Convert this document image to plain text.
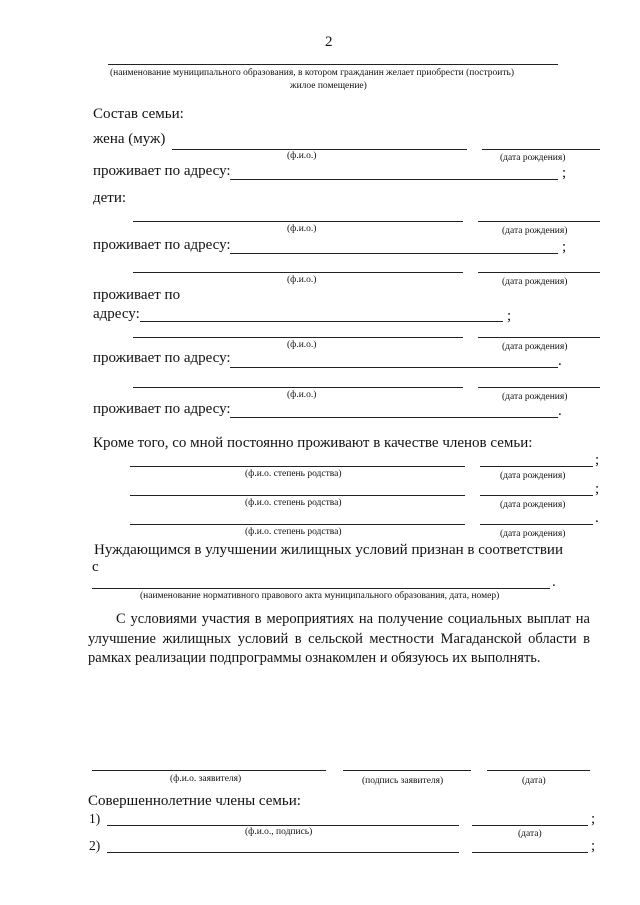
2
(наименование муниципального образования, в котором гражданин желает приобрести (построить)
жилое помещение)
Состав семьи:
жена (муж)
(ф.и.о.)	(дата рождения)
проживает по адресу:	;
дети:
(ф.и.о.)	(дата рождения)
проживает по адресу:	;
(ф.и.о.)	(дата рождения)
проживает по
адресу:	;
(ф.и.о.)	(дата рождения)
проживает по адресу:	.
(ф.и.о.)	(дата рождения)
проживает по адресу:	.
Кроме того, со мной постоянно проживают в качестве членов семьи:
;
(ф.и.о. степень родства)	(дата рождения)
;
(ф.и.о. степень родства)	(дата рождения)
.
(ф.и.о. степень родства)	(дата рождения)
Нуждающимся в улучшении жилищных условий признан в соответствии
с
.
(наименование нормативного правового акта муниципального образования, дата, номер)
С условиями участия в мероприятиях на получение социальных выплат на улучшение жилищных условий в сельской местности Магаданской области в рамках реализации подпрограммы ознакомлен и обязуюсь их выполнять.
(ф.и.о. заявителя)	(подпись заявителя)	(дата)
Совершеннолетние члены семьи:
1)	;
(ф.и.о., подпись)	(дата)
2)	;
